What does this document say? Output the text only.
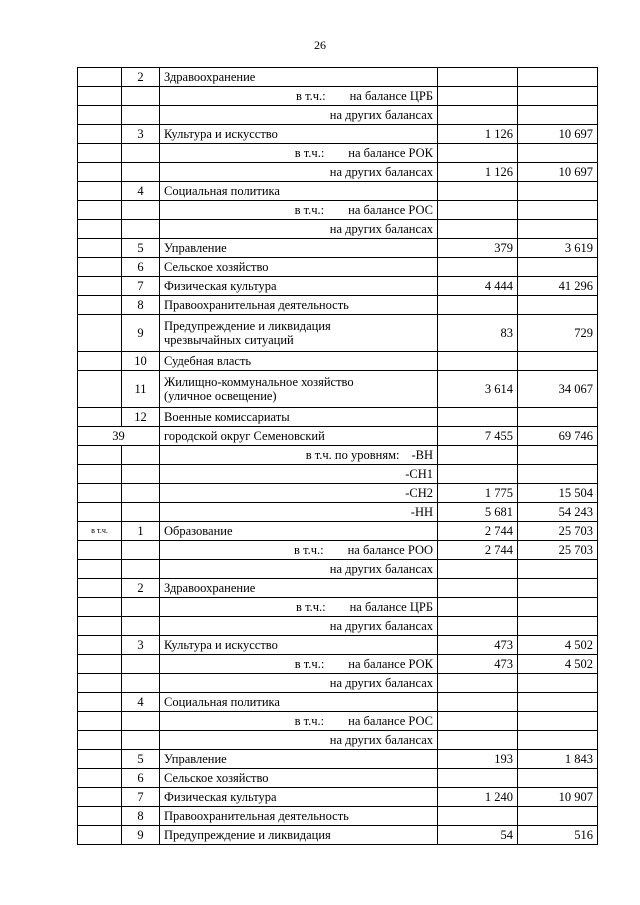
26
	2	Здравоохранение		

		в т.ч.: на балансе ЦРБ		

		на других балансах		

	3	Культура и искусство	1 126	10 697

		в т.ч.: на балансе РОК		

		на других балансах	1 126	10 697
	4	Социальная политика		

		в т.ч.: на балансе РОС		

		на других балансах		

	5	Управление	379	3 619
	6	Сельское хозяйство		

	7	Физическая культура	4 444	41 296
	8	Правоохранительная деятельность		

	9	Предупреждение и ликвидация
чрезвычайных ситуаций	83	729
	10	Судебная власть		

	11	Жилищно-коммунальное хозяйство
(уличное освещение)	3 614	34 067
	12	Военные комиссариаты		

39		городской округ Семеновский	7 455	69 746

		в т.ч. по уровням: -ВН		

		-СН1		

		-СН2	1 775	15 504

		-НН	5 681	54 243
в т.ч.	1	Образование	2 744	25 703

		в т.ч.: на балансе РОО	2 744	25 703

		на других балансах		

	2	Здравоохранение		

		в т.ч.: на балансе ЦРБ		

		на других балансах		

	3	Культура и искусство	473	4 502

		в т.ч.: на балансе РОК	473	4 502

		на других балансах		

	4	Социальная политика		

		в т.ч.: на балансе РОС		

		на других балансах		

	5	Управление	193	1 843
	6	Сельское хозяйство		

	7	Физическая культура	1 240	10 907
	8	Правоохранительная деятельность		

	9	Предупреждение и ликвидация	54	516
